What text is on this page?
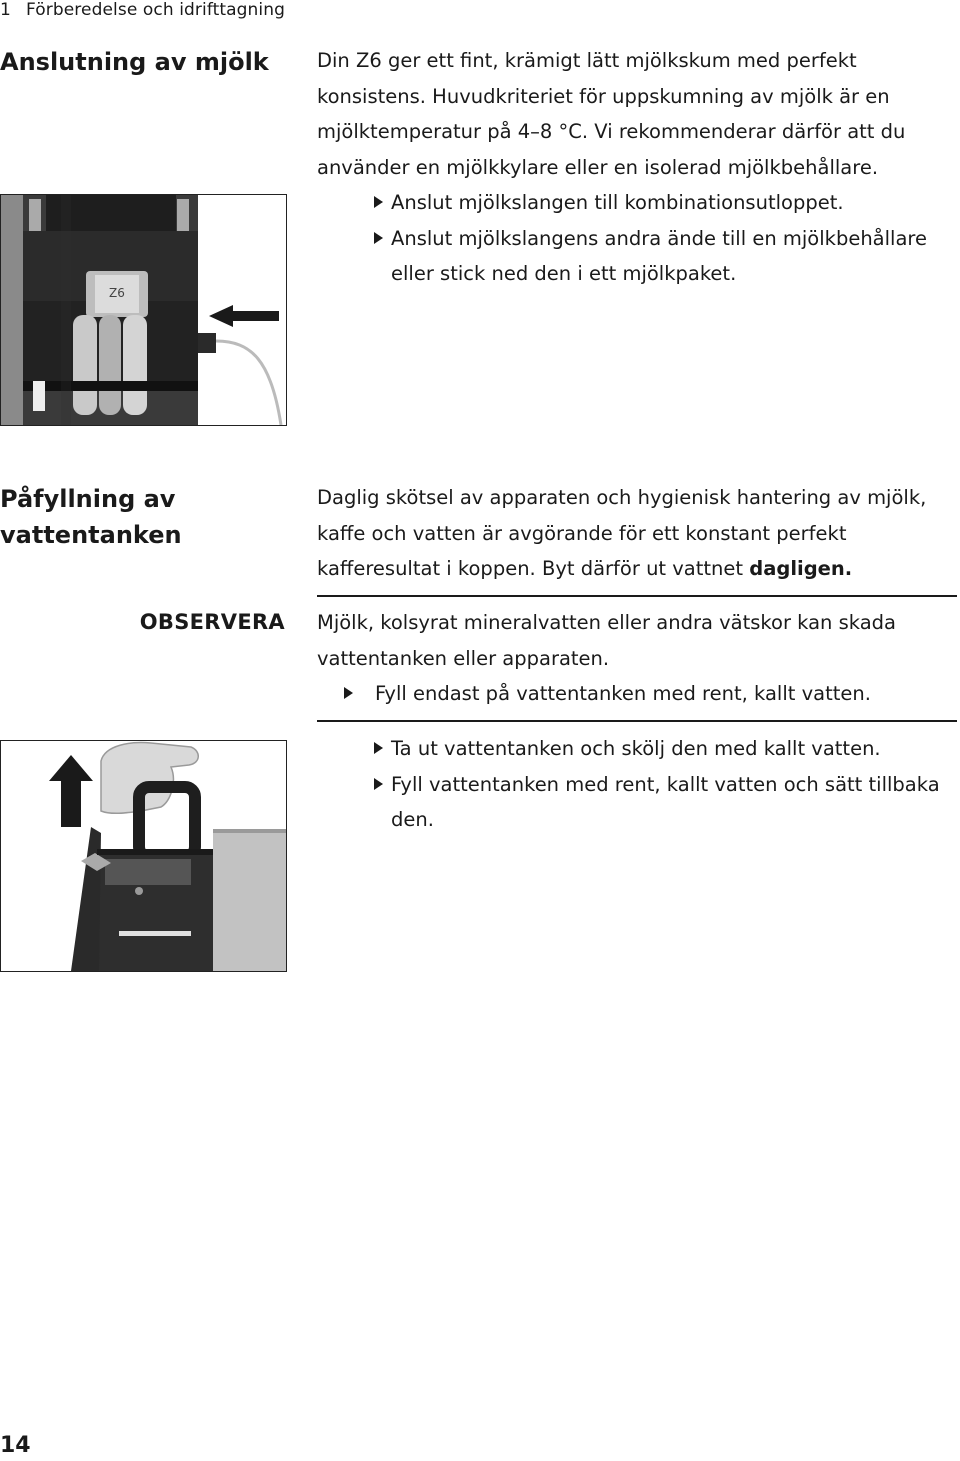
1 Förberedelse och idrifttagning
Anslutning av mjölk Din Z6 ger ett fint, krämigt lätt mjölkskum med perfekt konsistens. Huvudkriteriet för uppskumning av mjölk är en mjölktemperatur på 4–8 °C. Vi rekommenderar därför att du använder en mjölkkylare eller en isolerad mjölkbehållare.

Anslut mjölkslangen till kombinationsutloppet.
Anslut mjölkslangens andra ände till en mjölkbehållare eller stick ned den i ett mjölkpaket.
Z6
Påfyllning av
vattentanken

Daglig skötsel av apparaten och hygienisk hantering av mjölk, kaffe och vatten är avgörande för ett konstant perfekt kafferesultat i koppen. Byt därför ut vattnet dagligen.

OBSERVERA Mjölk, kolsyrat mineralvatten eller andra vätskor kan skada vattentanken eller apparaten.

Fyll endast på vattentanken med rent, kallt vatten.
Ta ut vattentanken och skölj den med kallt vatten.
Fyll vattentanken med rent, kallt vatten och sätt tillbaka den.
14
